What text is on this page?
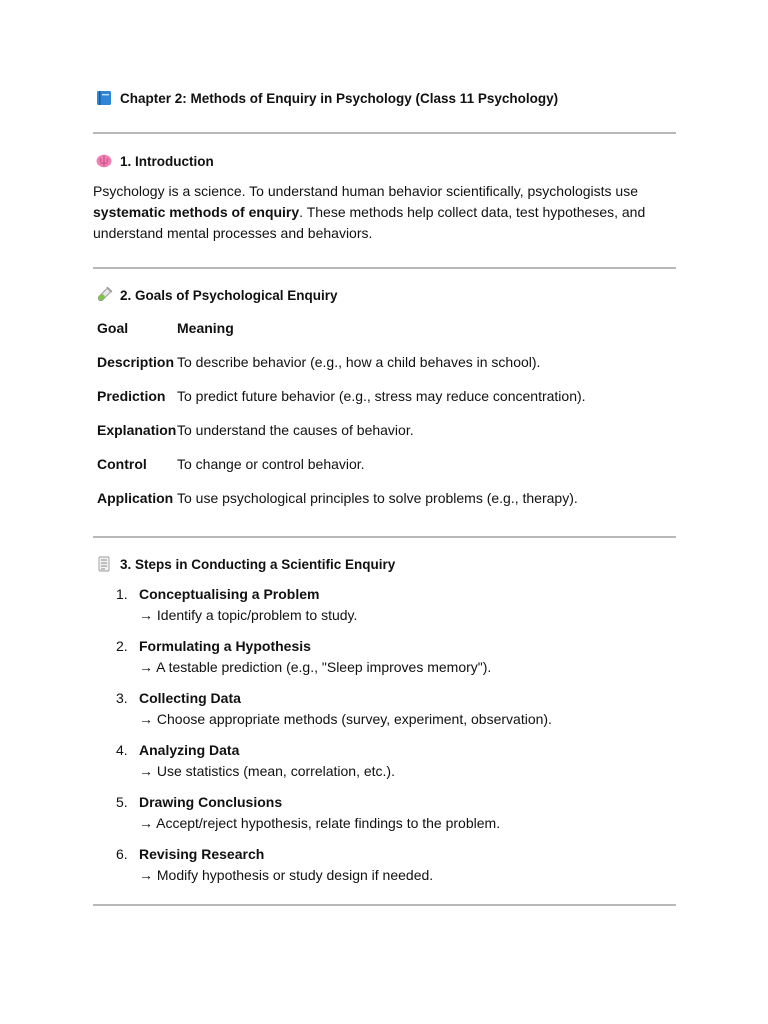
Chapter 2: Methods of Enquiry in Psychology (Class 11 Psychology)
1. Introduction

Psychology is a science. To understand human behavior scientifically, psychologists use systematic methods of enquiry. These methods help collect data, test hypotheses, and understand mental processes and behaviors.

2. Goals of Psychological Enquiry
Goal	Meaning
Description	To describe behavior (e.g., how a child behaves in school).
Prediction	To predict future behavior (e.g., stress may reduce concentration).
Explanation	To understand the causes of behavior.
Control	To change or control behavior.
Application	To use psychological principles to solve problems (e.g., therapy).
3. Steps in Conducting a Scientific Enquiry
1. Conceptualising a Problem
→ Identify a topic/problem to study.
2. Formulating a Hypothesis
→ A testable prediction (e.g., "Sleep improves memory").
3. Collecting Data
→ Choose appropriate methods (survey, experiment, observation).
4. Analyzing Data
→ Use statistics (mean, correlation, etc.).
5. Drawing Conclusions
→ Accept/reject hypothesis, relate findings to the problem.
6. Revising Research
→ Modify hypothesis or study design if needed.
